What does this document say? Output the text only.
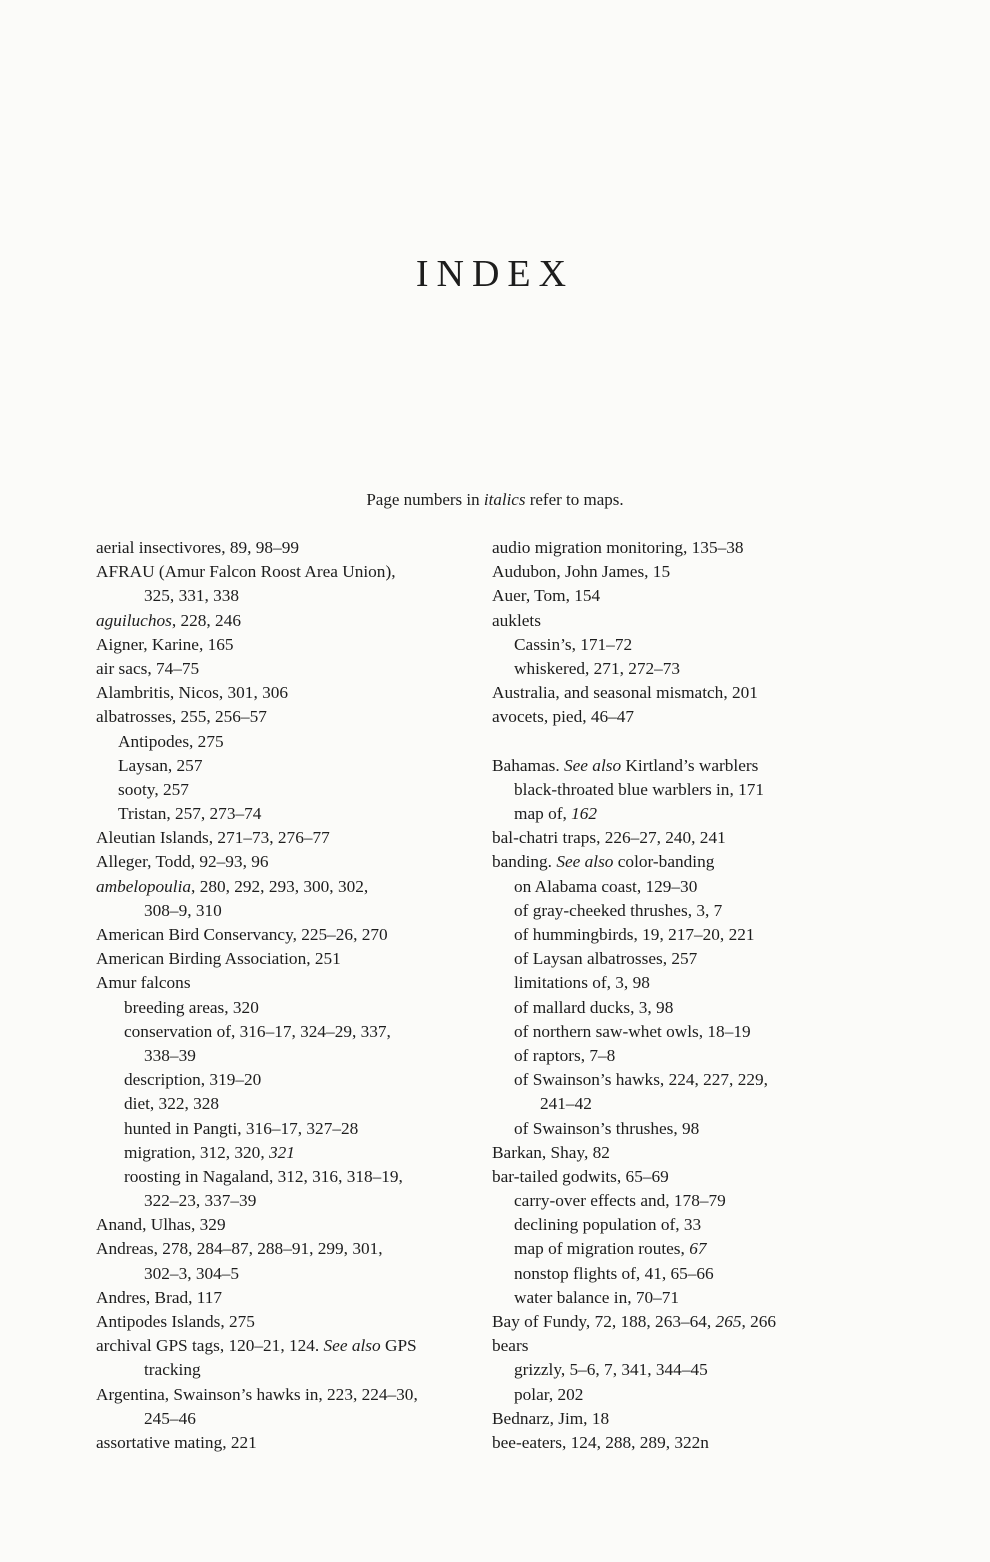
INDEX
Page numbers in italics refer to maps.
aerial insectivores, 89, 98–99
AFRAU (Amur Falcon Roost Area Union),
325, 331, 338
aguiluchos, 228, 246
Aigner, Karine, 165
air sacs, 74–75
Alambritis, Nicos, 301, 306
albatrosses, 255, 256–57
Antipodes, 275
Laysan, 257
sooty, 257
Tristan, 257, 273–74
Aleutian Islands, 271–73, 276–77
Alleger, Todd, 92–93, 96
ambelopoulia, 280, 292, 293, 300, 302,
308–9, 310
American Bird Conservancy, 225–26, 270
American Birding Association, 251
Amur falcons
breeding areas, 320
conservation of, 316–17, 324–29, 337,
338–39
description, 319–20
diet, 322, 328
hunted in Pangti, 316–17, 327–28
migration, 312, 320, 321
roosting in Nagaland, 312, 316, 318–19,
322–23, 337–39
Anand, Ulhas, 329
Andreas, 278, 284–87, 288–91, 299, 301,
302–3, 304–5
Andres, Brad, 117
Antipodes Islands, 275
archival GPS tags, 120–21, 124. See also GPS
tracking
Argentina, Swainson’s hawks in, 223, 224–30,
245–46
assortative mating, 221
audio migration monitoring, 135–38
Audubon, John James, 15
Auer, Tom, 154
auklets
Cassin’s, 171–72
whiskered, 271, 272–73
Australia, and seasonal mismatch, 201
avocets, pied, 46–47
Bahamas. See also Kirtland’s warblers
black-throated blue warblers in, 171
map of, 162
bal-chatri traps, 226–27, 240, 241
banding. See also color-banding
on Alabama coast, 129–30
of gray-cheeked thrushes, 3, 7
of hummingbirds, 19, 217–20, 221
of Laysan albatrosses, 257
limitations of, 3, 98
of mallard ducks, 3, 98
of northern saw-whet owls, 18–19
of raptors, 7–8
of Swainson’s hawks, 224, 227, 229,
241–42
of Swainson’s thrushes, 98
Barkan, Shay, 82
bar-tailed godwits, 65–69
carry-over effects and, 178–79
declining population of, 33
map of migration routes, 67
nonstop flights of, 41, 65–66
water balance in, 70–71
Bay of Fundy, 72, 188, 263–64, 265, 266
bears
grizzly, 5–6, 7, 341, 344–45
polar, 202
Bednarz, Jim, 18
bee-eaters, 124, 288, 289, 322n
